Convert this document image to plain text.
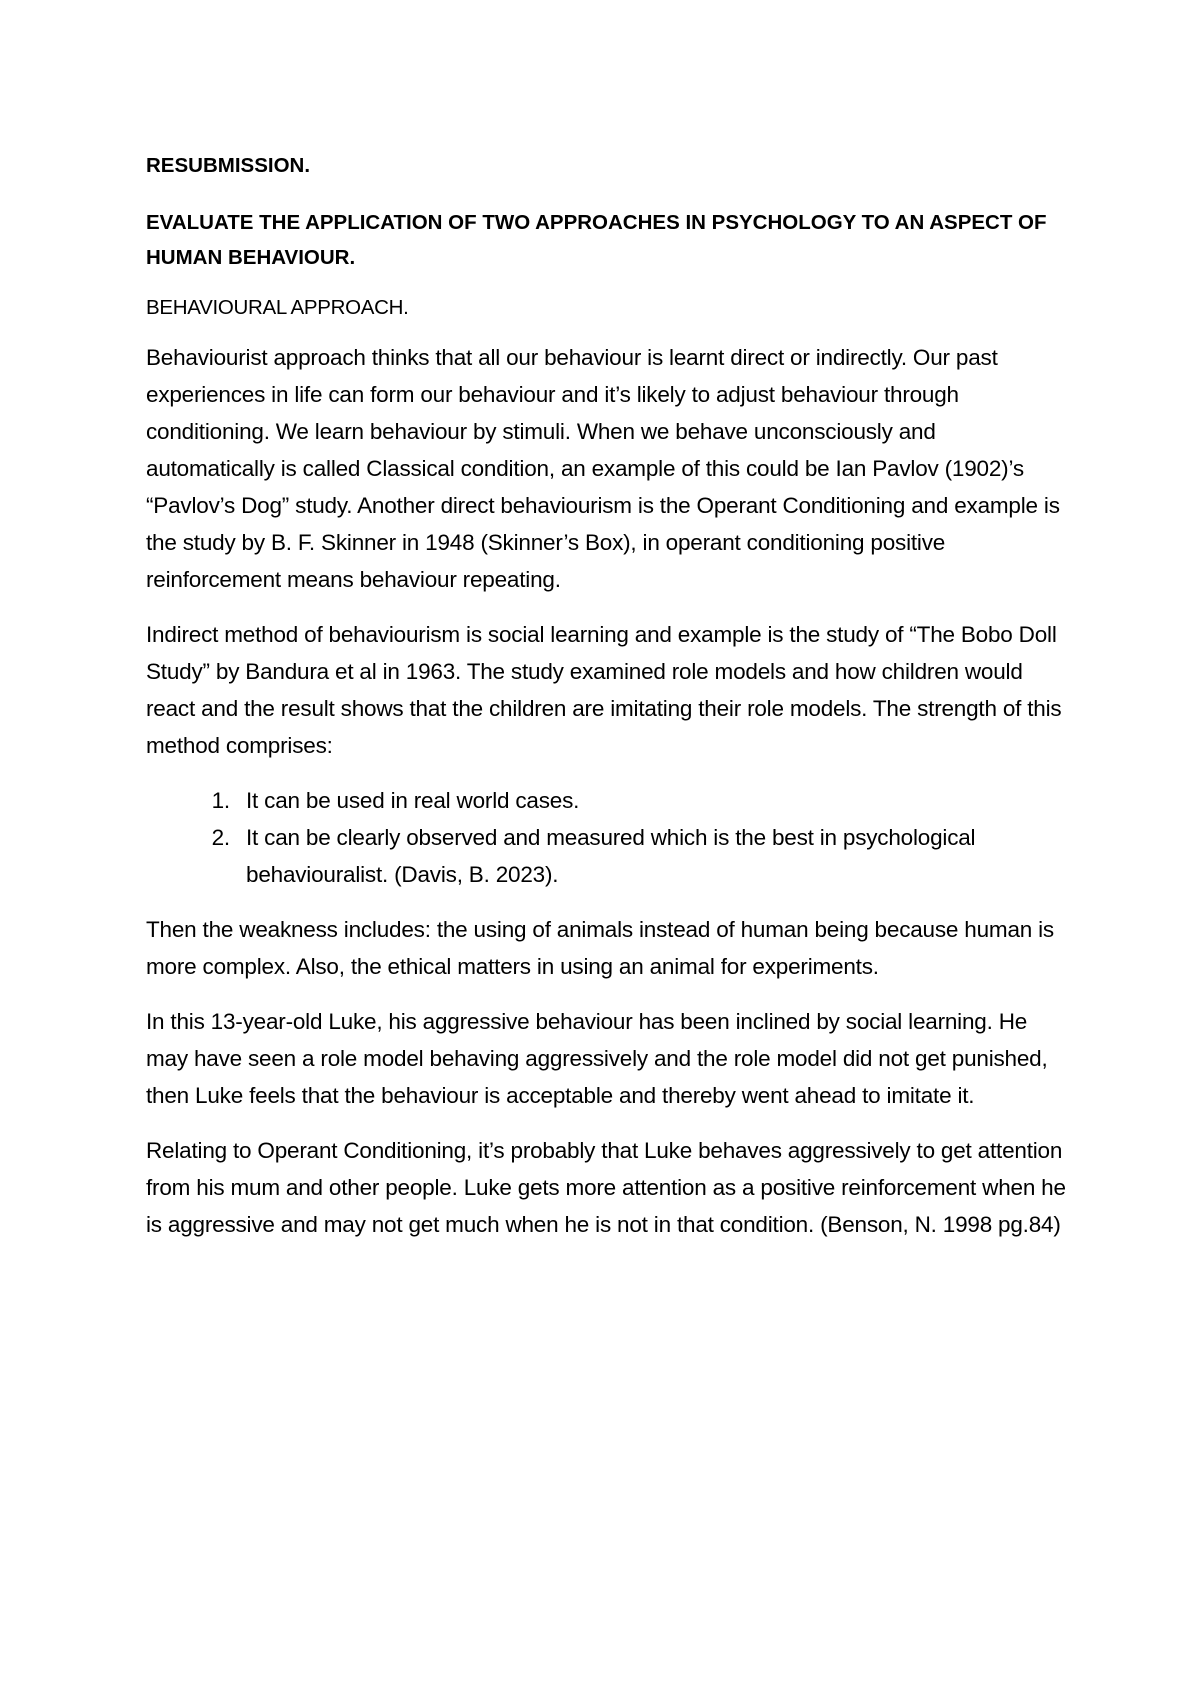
RESUBMISSION.

EVALUATE THE APPLICATION OF TWO APPROACHES IN PSYCHOLOGY TO AN ASPECT OF HUMAN BEHAVIOUR.

BEHAVIOURAL APPROACH.

Behaviourist approach thinks that all our behaviour is learnt direct or indirectly. Our past experiences in life can form our behaviour and it’s likely to adjust behaviour through conditioning. We learn behaviour by stimuli. When we behave unconsciously and automatically is called Classical condition, an example of this could be Ian Pavlov (1902)’s “Pavlov’s Dog” study. Another direct behaviourism is the Operant Conditioning and example is the study by B. F. Skinner in 1948 (Skinner’s Box), in operant conditioning positive reinforcement means behaviour repeating.

Indirect method of behaviourism is social learning and example is the study of “The Bobo Doll Study” by Bandura et al in 1963. The study examined role models and how children would react and the result shows that the children are imitating their role models. The strength of this method comprises:

1. It can be used in real world cases.
2. It can be clearly observed and measured which is the best in psychological behaviouralist. (Davis, B. 2023).

Then the weakness includes: the using of animals instead of human being because human is more complex. Also, the ethical matters in using an animal for experiments.

In this 13-year-old Luke, his aggressive behaviour has been inclined by social learning. He may have seen a role model behaving aggressively and the role model did not get punished, then Luke feels that the behaviour is acceptable and thereby went ahead to imitate it.

Relating to Operant Conditioning, it’s probably that Luke behaves aggressively to get attention from his mum and other people. Luke gets more attention as a positive reinforcement when he is aggressive and may not get much when he is not in that condition. (Benson, N. 1998 pg.84)
